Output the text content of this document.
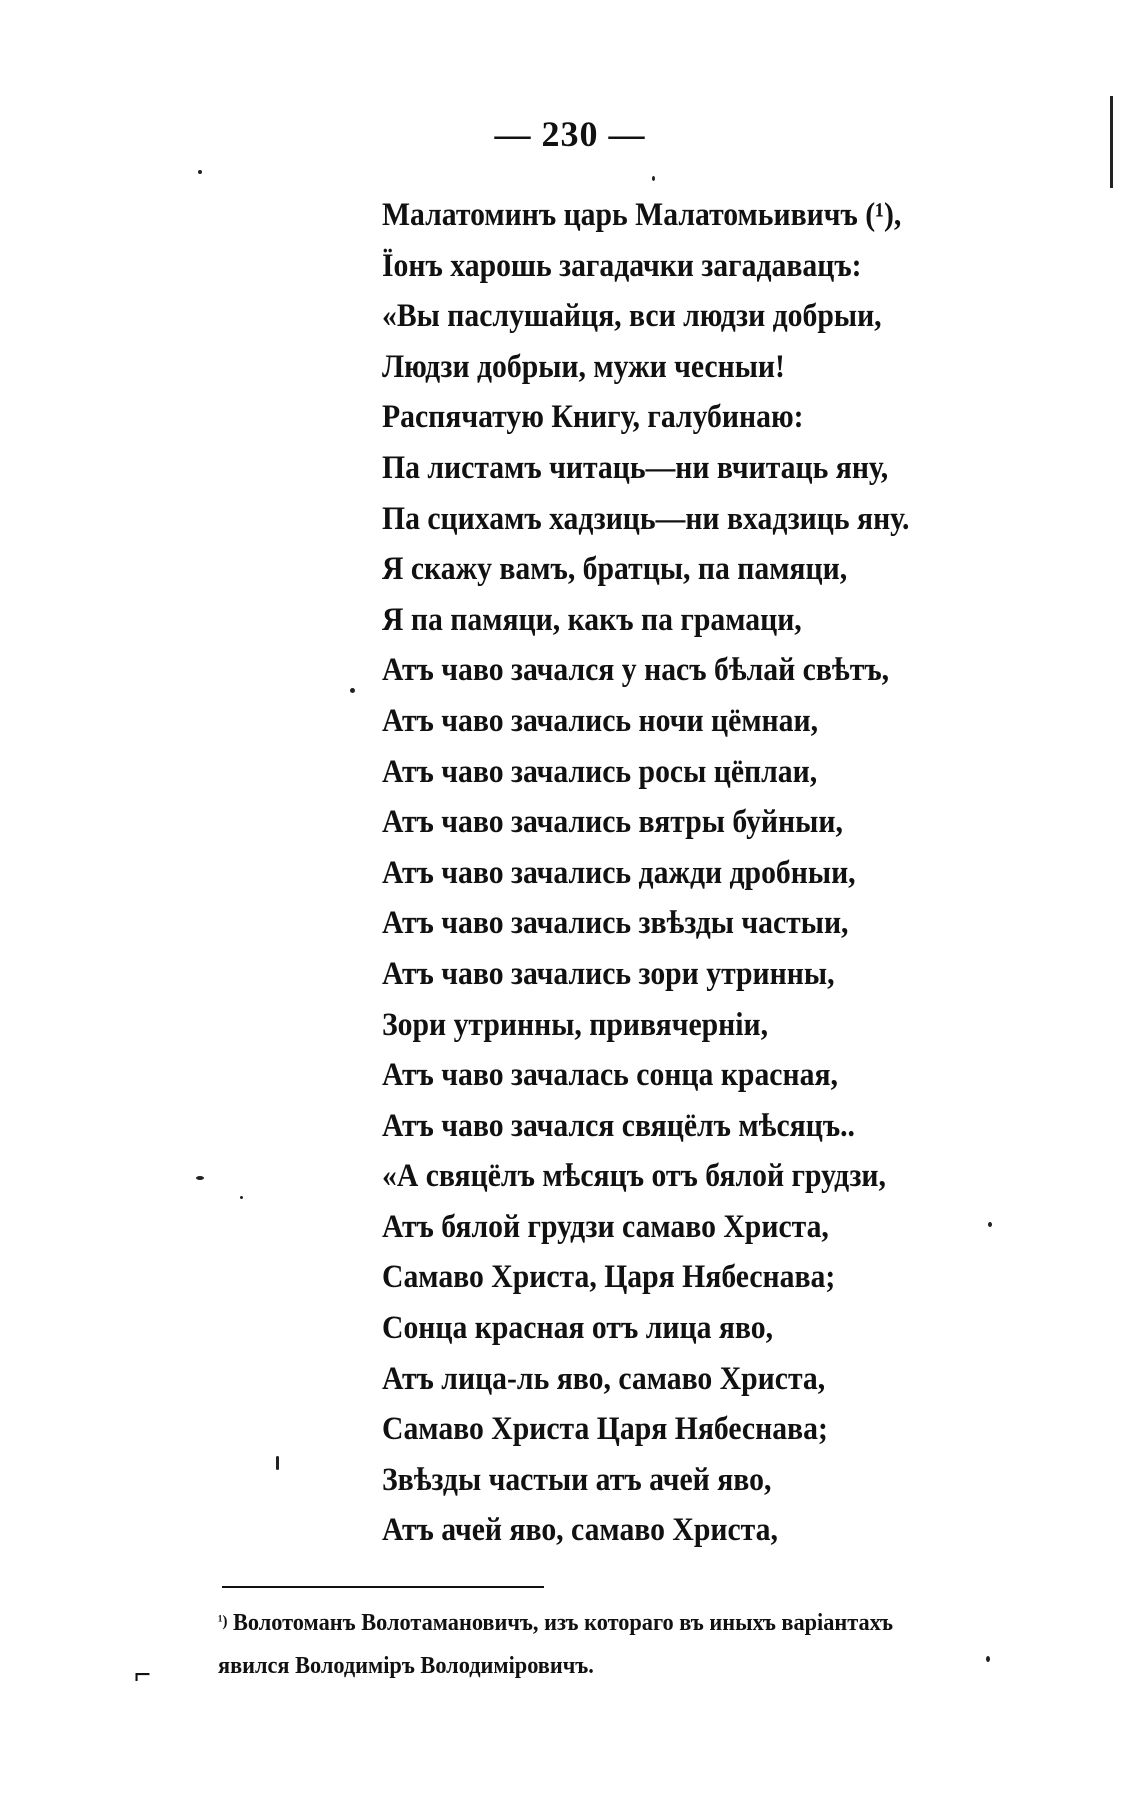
— 230 —
Малатоминъ царь Малатомьивичъ (¹),
Ïонъ харошь загадачки загадавацъ:
«Вы паслушайця, вси людзи добрыи,
Людзи добрыи, мужи чесныи!
Распячатую Книгу, галубинаю:
Па листамъ читаць—ни вчитаць яну,
Па сцихамъ хадзиць—ни вхадзиць яну.
Я скажу вамъ, братцы, па памяци,
Я па памяци, какъ па грамаци,
Атъ чаво зачался у насъ бѣлай свѣтъ,
Атъ чаво зачались ночи цёмнаи,
Атъ чаво зачались росы цёплаи,
Атъ чаво зачались вятры буйныи,
Атъ чаво зачались дажди дробныи,
Атъ чаво зачались звѣзды частыи,
Атъ чаво зачались зори утринны,
Зори утринны, привячерніи,
Атъ чаво зачалась сонца красная,
Атъ чаво зачался свяцёлъ мѣсяцъ..
«А свяцёлъ мѣсяцъ отъ бялой грудзи,
Атъ бялой грудзи самаво Христа,
Самаво Христа, Царя Нябеснава;
Сонца красная отъ лица яво,
Атъ лица-ль яво, самаво Христа,
Самаво Христа Царя Нябеснава;
Звѣзды частыи атъ ачей яво,
Атъ ачей яво, самаво Христа,
$^{^1)}$ Волотоманъ Волотамановичъ, изъ котораго въ иныхъ варіантахъ
явился Володиміръ Володиміровичъ.
⌐
